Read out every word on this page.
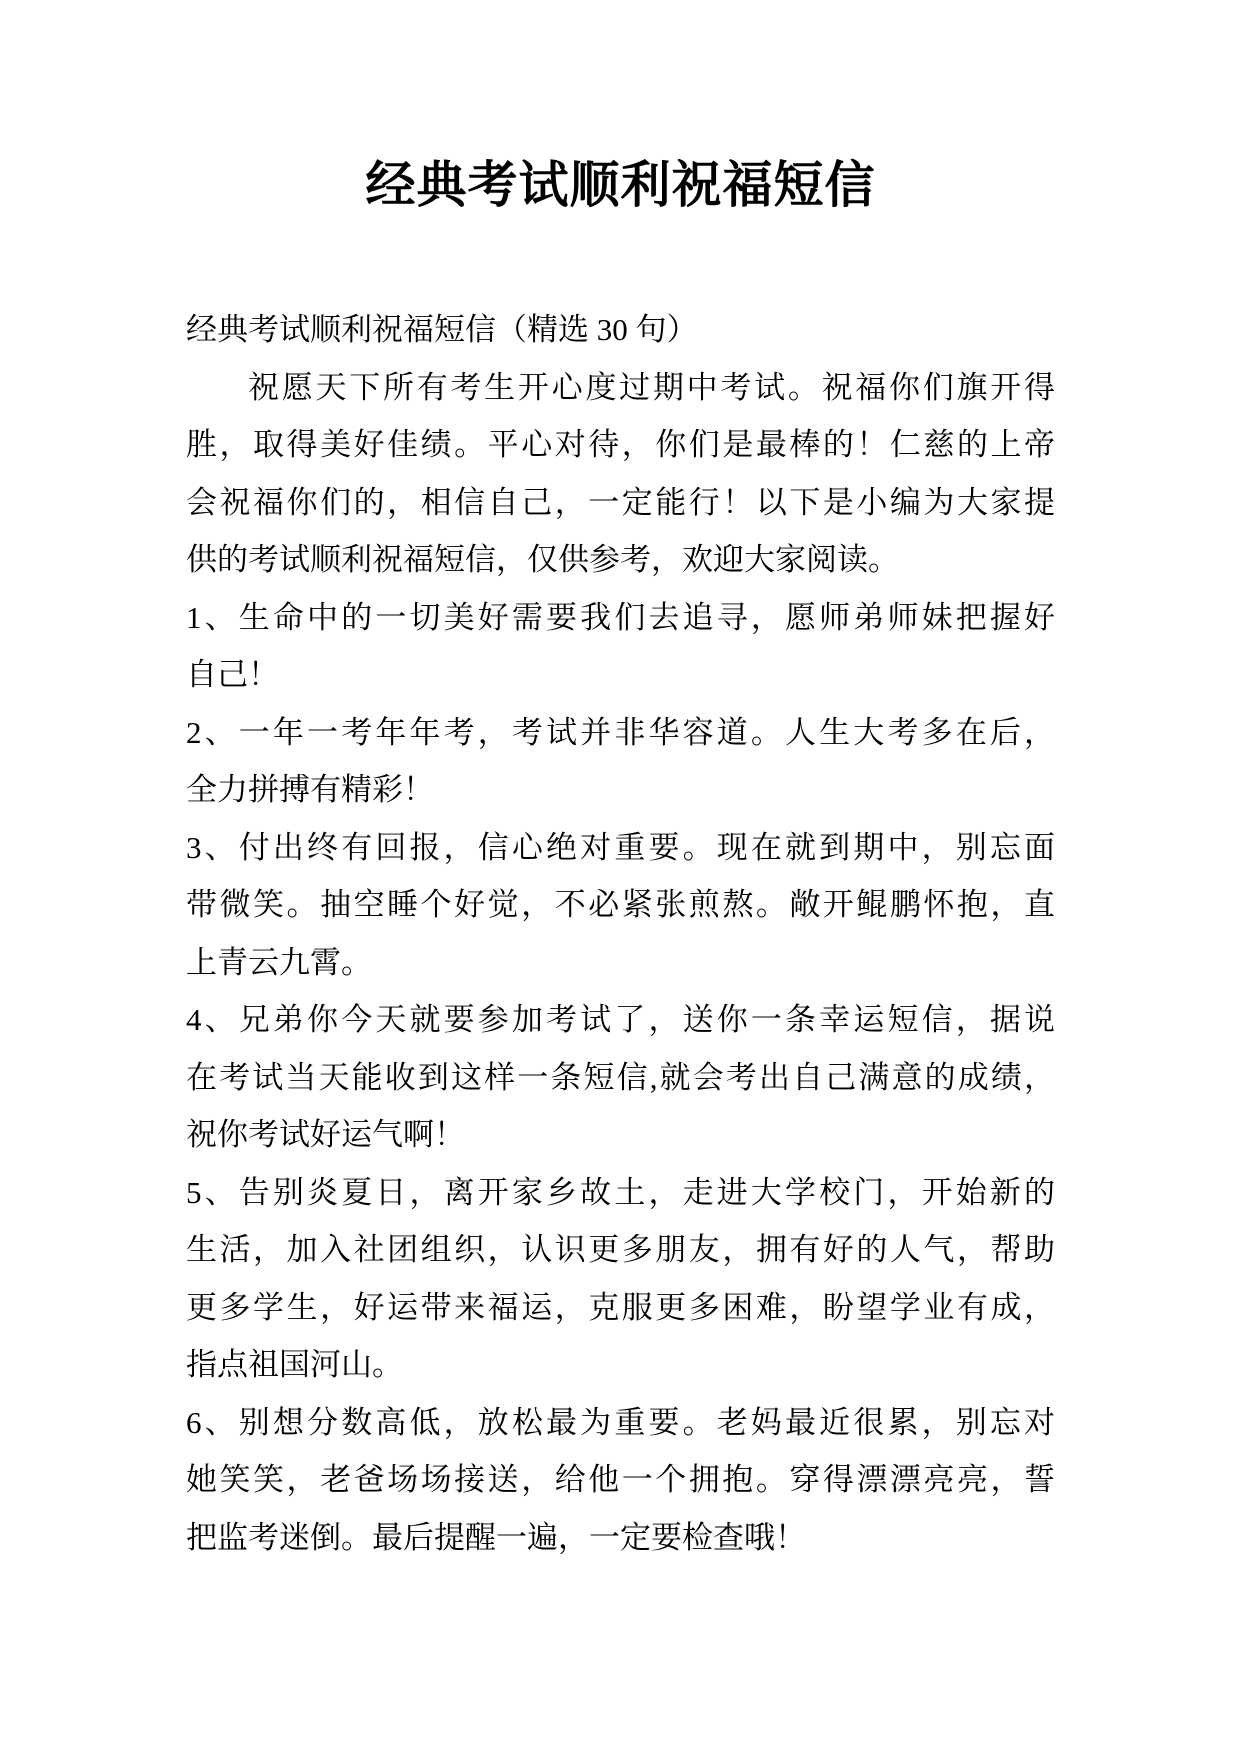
经典考试顺利祝福短信
经典考试顺利祝福短信（精选 30 句）
祝愿天下所有考生开心度过期中考试。祝福你们旗开得
胜，取得美好佳绩。平心对待，你们是最棒的！仁慈的上帝
会祝福你们的，相信自己，一定能行！以下是小编为大家提
供的考试顺利祝福短信，仅供参考，欢迎大家阅读。
1、生命中的一切美好需要我们去追寻，愿师弟师妹把握好
自己！
2、一年一考年年考，考试并非华容道。人生大考多在后，
全力拼搏有精彩！
3、付出终有回报，信心绝对重要。现在就到期中，别忘面
带微笑。抽空睡个好觉，不必紧张煎熬。敞开鲲鹏怀抱，直
上青云九霄。
4、兄弟你今天就要参加考试了，送你一条幸运短信，据说
在考试当天能收到这样一条短信,就会考出自己满意的成绩，
祝你考试好运气啊！
5、告别炎夏日，离开家乡故土，走进大学校门，开始新的
生活，加入社团组织，认识更多朋友，拥有好的人气，帮助
更多学生，好运带来福运，克服更多困难，盼望学业有成，
指点祖国河山。
6、别想分数高低，放松最为重要。老妈最近很累，别忘对
她笑笑，老爸场场接送，给他一个拥抱。穿得漂漂亮亮，誓
把监考迷倒。最后提醒一遍，一定要检查哦！
